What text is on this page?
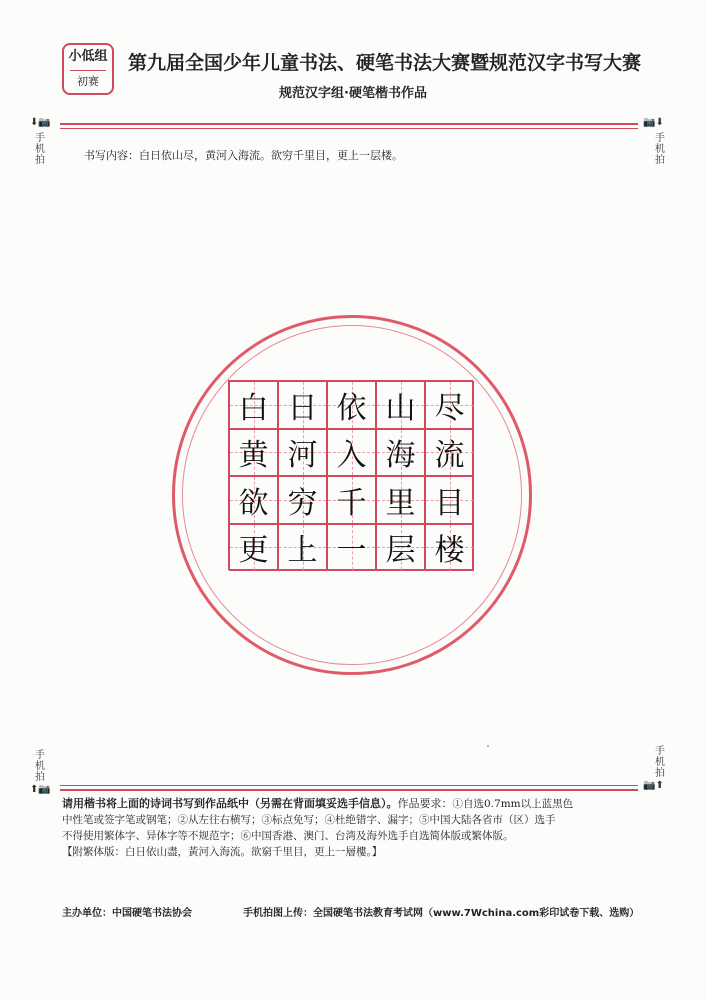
小低组
初赛
第九届全国少年儿童书法、硬笔书法大赛暨规范汉字书写大赛
规范汉字组·硬笔楷书作品
⬇📷
手
机
拍
📷⬇
手
机
拍
书写内容：白日依山尽，黄河入海流。欲穷千里目，更上一层楼。
白 日 依 山 尽
黄 河 入 海 流
欲 穷 千 里 目
更 上 一 层 楼
手
机
拍
⬆📷
手
机
拍
📷⬆
请用楷书将上面的诗词书写到作品纸中（另需在背面填妥选手信息）。作品要求：①自选0.7mm以上蓝黑色
中性笔或签字笔或钢笔；②从左往右横写；③标点免写；④杜绝错字、漏字；⑤中国大陆各省市（区）选手
不得使用繁体字、异体字等不规范字；⑥中国香港、澳门、台湾及海外选手自选简体版或繁体版。
【附繁体版：白日依山盡，黃河入海流。欲窮千里目，更上一層樓。】
主办单位：中国硬笔书法协会	手机拍图上传：全国硬笔书法教育考试网（www.7Wchina.com彩印试卷下载、选购）
